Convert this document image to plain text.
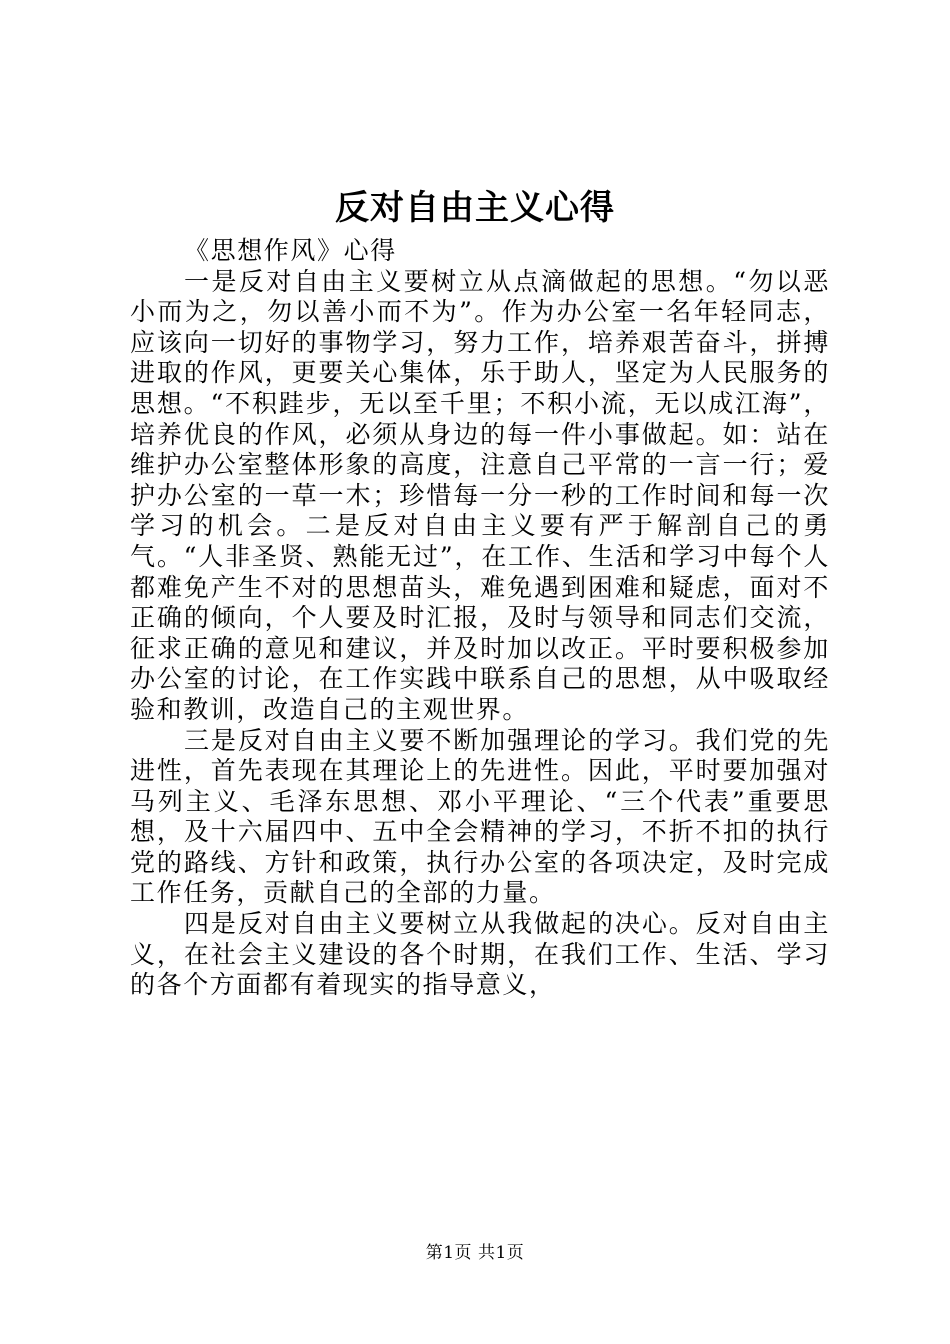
反对自由主义心得

《思想作风》心得

一是反对自由主义要树立从点滴做起的思想。“勿以恶小而为之，勿以善小而不为”。作为办公室一名年轻同志，应该向一切好的事物学习，努力工作，培养艰苦奋斗，拼搏进取的作风，更要关心集体，乐于助人，坚定为人民服务的思想。“不积跬步，无以至千里；不积小流，无以成江海”，培养优良的作风，必须从身边的每一件小事做起。如：站在维护办公室整体形象的高度，注意自己平常的一言一行；爱护办公室的一草一木；珍惜每一分一秒的工作时间和每一次学习的机会。二是反对自由主义要有严于解剖自己的勇气。“人非圣贤、熟能无过”，在工作、生活和学习中每个人都难免产生不对的思想苗头，难免遇到困难和疑虑，面对不正确的倾向，个人要及时汇报，及时与领导和同志们交流，征求正确的意见和建议，并及时加以改正。平时要积极参加办公室的讨论，在工作实践中联系自己的思想，从中吸取经验和教训，改造自己的主观世界。

三是反对自由主义要不断加强理论的学习。我们党的先进性，首先表现在其理论上的先进性。因此，平时要加强对马列主义、毛泽东思想、邓小平理论、“三个代表”重要思想，及十六届四中、五中全会精神的学习，不折不扣的执行党的路线、方针和政策，执行办公室的各项决定，及时完成工作任务，贡献自己的全部的力量。

四是反对自由主义要树立从我做起的决心。反对自由主义，在社会主义建设的各个时期，在我们工作、生活、学习的各个方面都有着现实的指导意义，

第1页 共1页
